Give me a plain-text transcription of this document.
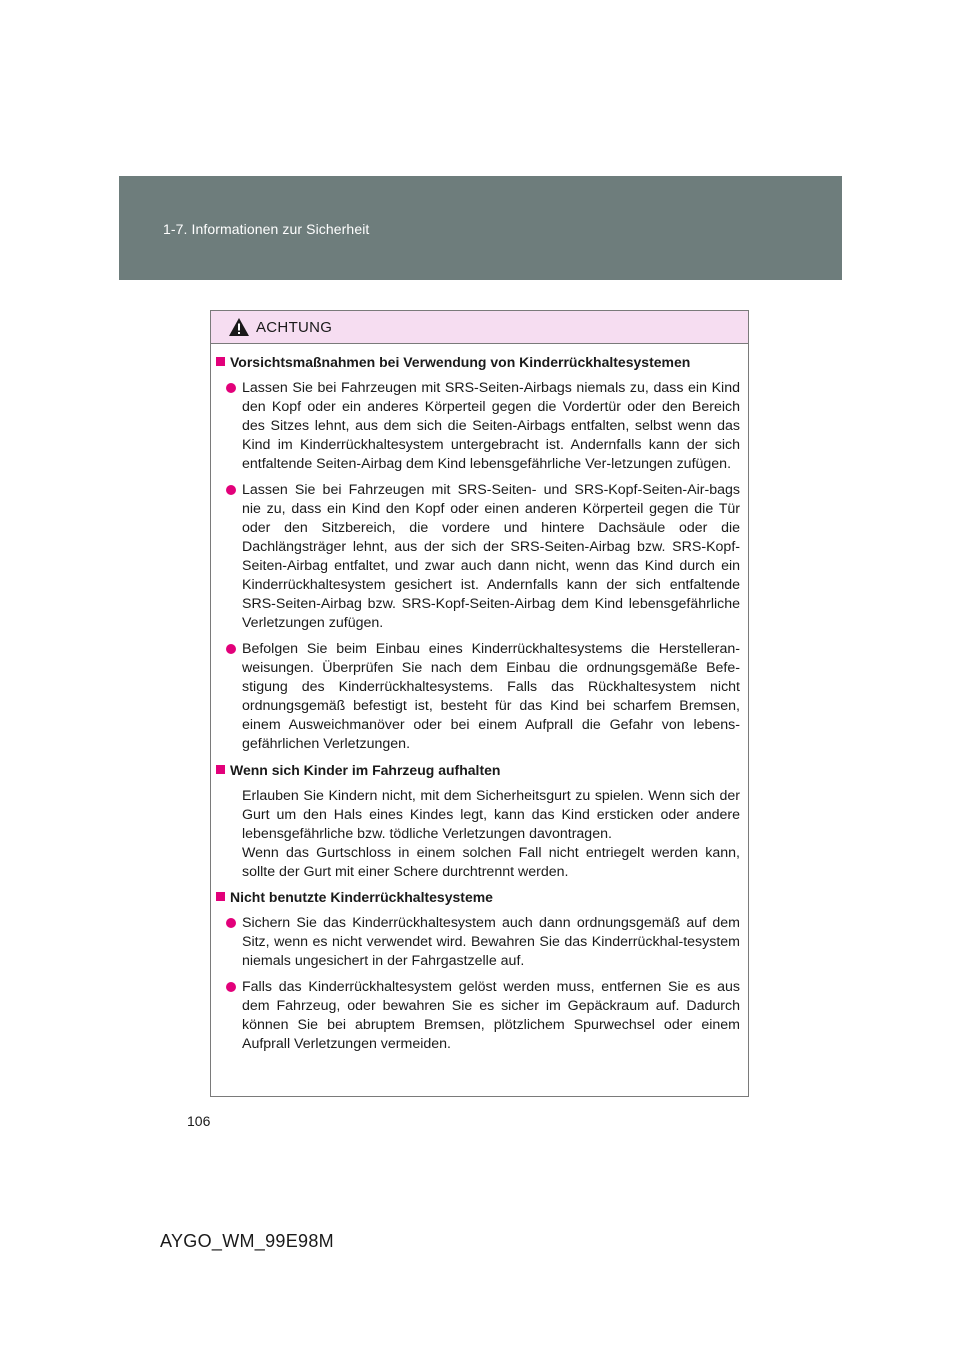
1-7. Informationen zur Sicherheit
ACHTUNG
Vorsichtsmaßnahmen bei Verwendung von Kinderrückhaltesystemen
Lassen Sie bei Fahrzeugen mit SRS-Seiten-Airbags niemals zu, dass ein Kind den Kopf oder ein anderes Körperteil gegen die Vordertür oder den Bereich des Sitzes lehnt, aus dem sich die Seiten-Airbags entfalten, selbst wenn das Kind im Kinderrückhaltesystem untergebracht ist. Andernfalls kann der sich entfaltende Seiten-Airbag dem Kind lebensgefährliche Ver-letzungen zufügen.
Lassen Sie bei Fahrzeugen mit SRS-Seiten- und SRS-Kopf-Seiten-Air-bags nie zu, dass ein Kind den Kopf oder einen anderen Körperteil gegen die Tür oder den Sitzbereich, die vordere und hintere Dachsäule oder die Dachlängsträger lehnt, aus der sich der SRS-Seiten-Airbag bzw. SRS-Kopf-Seiten-Airbag entfaltet, und zwar auch dann nicht, wenn das Kind durch ein Kinderrückhaltesystem gesichert ist. Andernfalls kann der sich entfaltende SRS-Seiten-Airbag bzw. SRS-Kopf-Seiten-Airbag dem Kind lebensgefährliche Verletzungen zufügen.
Befolgen Sie beim Einbau eines Kinderrückhaltesystems die Herstelleran-weisungen. Überprüfen Sie nach dem Einbau die ordnungsgemäße Befe-stigung des Kinderrückhaltesystems. Falls das Rückhaltesystem nicht ordnungsgemäß befestigt ist, besteht für das Kind bei scharfem Bremsen, einem Ausweichmanöver oder bei einem Aufprall die Gefahr von lebens-gefährlichen Verletzungen.
Wenn sich Kinder im Fahrzeug aufhalten
Erlauben Sie Kindern nicht, mit dem Sicherheitsgurt zu spielen. Wenn sich der Gurt um den Hals eines Kindes legt, kann das Kind ersticken oder andere lebensgefährliche bzw. tödliche Verletzungen davontragen.
Wenn das Gurtschloss in einem solchen Fall nicht entriegelt werden kann, sollte der Gurt mit einer Schere durchtrennt werden.
Nicht benutzte Kinderrückhaltesysteme
Sichern Sie das Kinderrückhaltesystem auch dann ordnungsgemäß auf dem Sitz, wenn es nicht verwendet wird. Bewahren Sie das Kinderrückhal-tesystem niemals ungesichert in der Fahrgastzelle auf.
Falls das Kinderrückhaltesystem gelöst werden muss, entfernen Sie es aus dem Fahrzeug, oder bewahren Sie es sicher im Gepäckraum auf. Dadurch können Sie bei abruptem Bremsen, plötzlichem Spurwechsel oder einem Aufprall Verletzungen vermeiden.
106
AYGO_WM_99E98M
